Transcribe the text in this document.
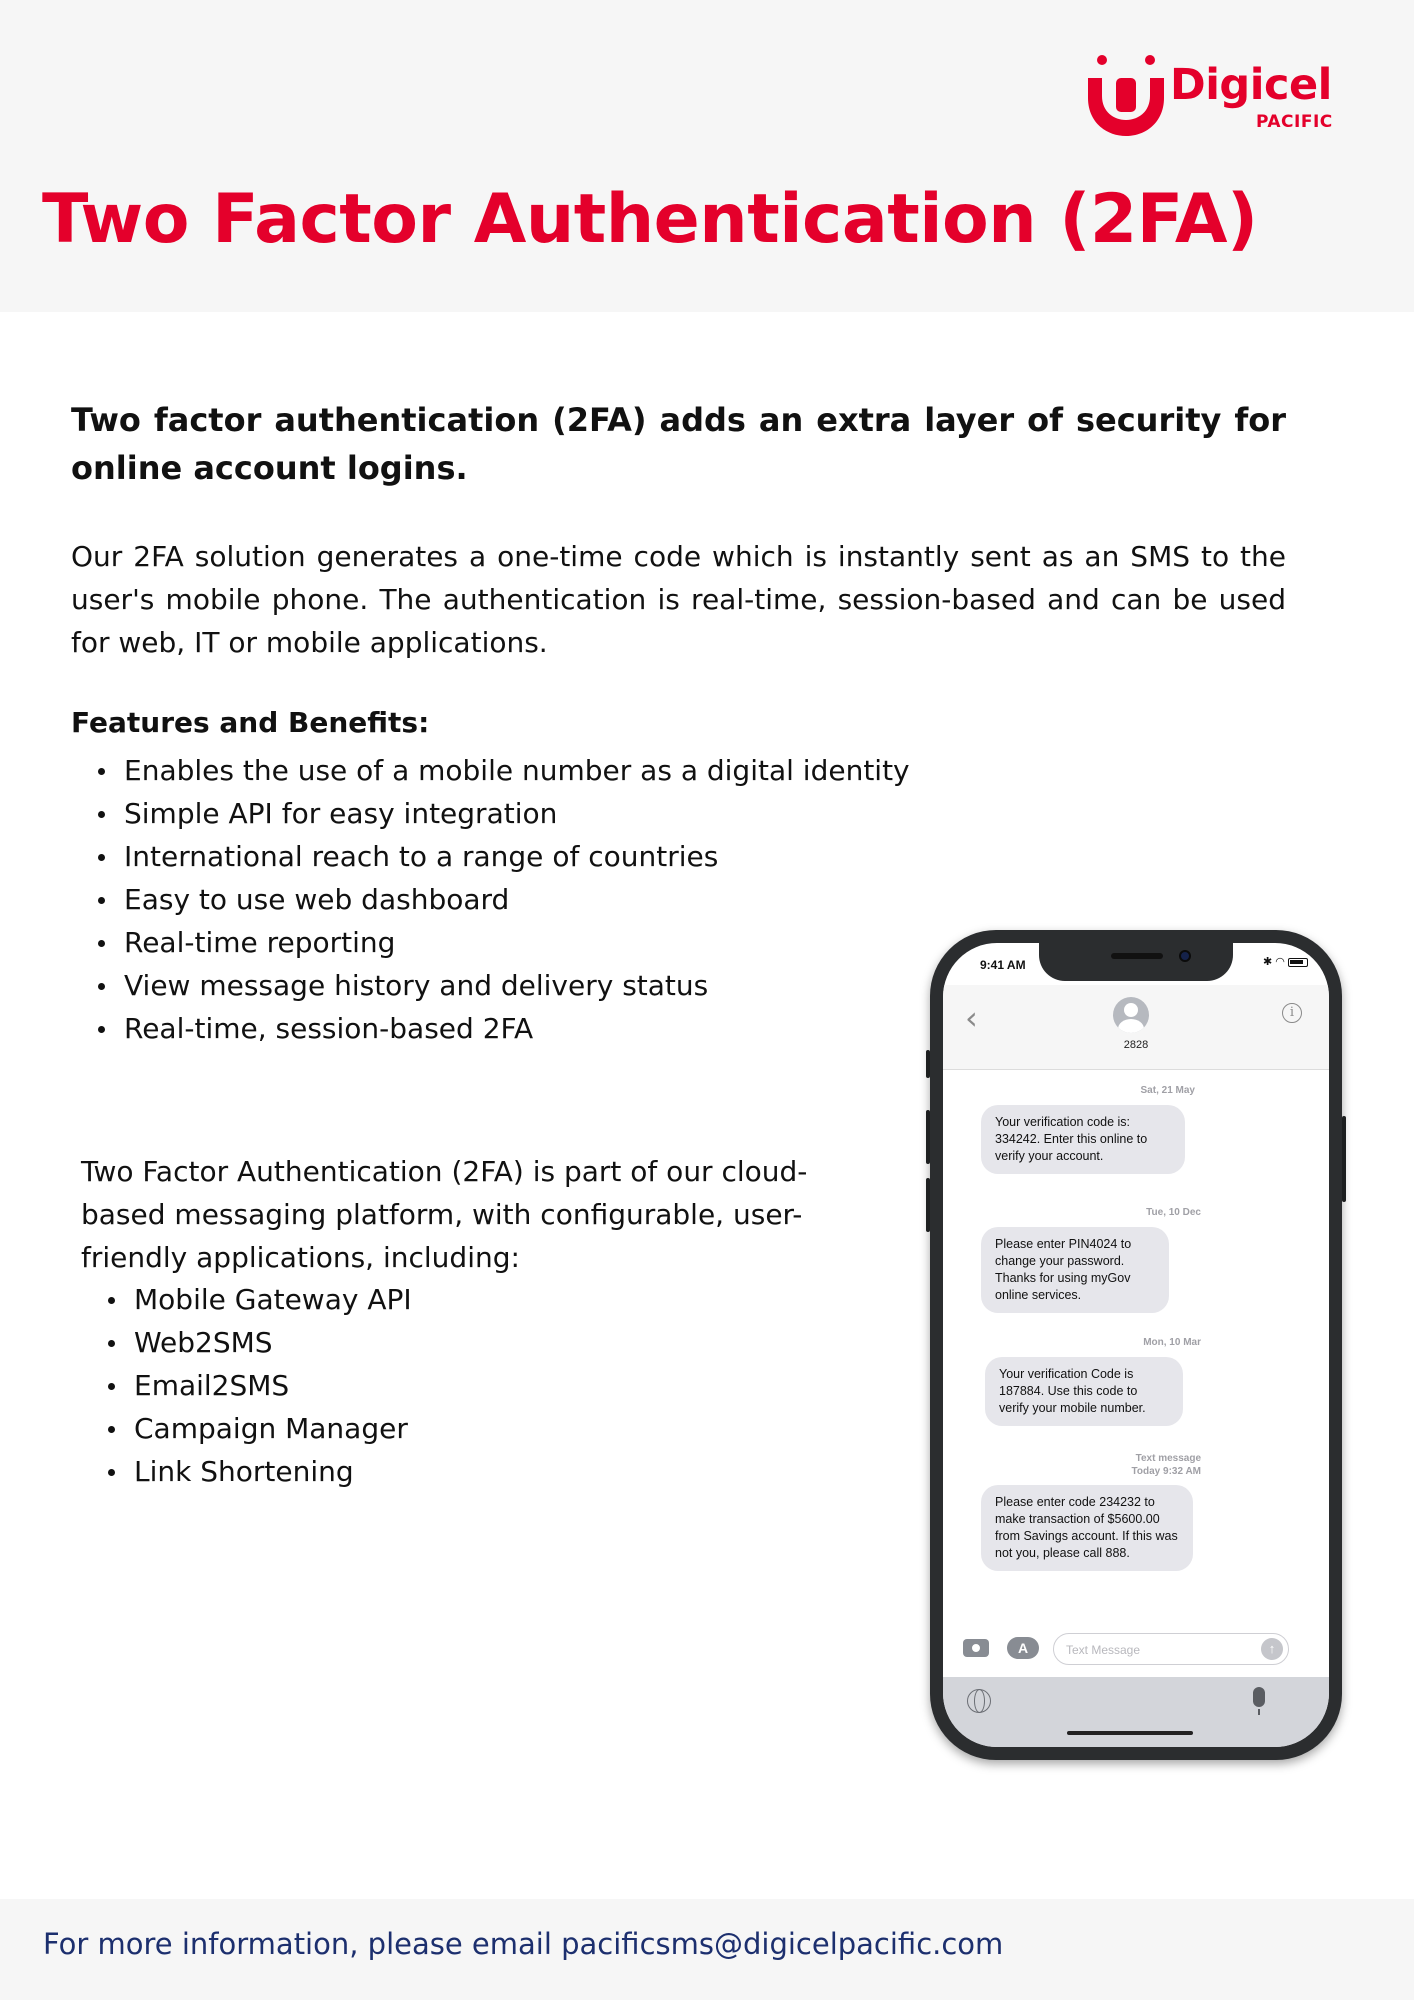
Digicel
PACIFIC
Two Factor Authentication (2FA)

Two factor authentication (2FA) adds an extra layer of security for online account logins.

Our 2FA solution generates a one-time code which is instantly sent as an SMS to the user's mobile phone. The authentication is real-time, session-based and can be used for web, IT or mobile applications.

Features and Benefits:
Enables the use of a mobile number as a digital identity
Simple API for easy integration
International reach to a range of countries
Easy to use web dashboard
Real-time reporting
View message history and delivery status
Real-time, session-based 2FA

Two Factor Authentication (2FA) is part of our cloud-based messaging platform, with configurable, user-friendly applications, including:

Mobile Gateway API
Web2SMS
Email2SMS
Campaign Manager
Link Shortening
9:41 AM	✱ ◠
‹
2828
i
Sat, 21 May
Your verification code is: 334242. Enter this online to verify your account.
Tue, 10 Dec
Please enter PIN4024 to change your password. Thanks for using myGov online services.
Mon, 10 Mar
Your verification Code is 187884. Use this code to verify your mobile number.
Text message
Today 9:32 AM
Please enter code 234232 to make transaction of $5600.00 from Savings account. If this was not you, please call 888.
A	Text Message	↑
For more information, please email pacificsms@digicelpacific.com
